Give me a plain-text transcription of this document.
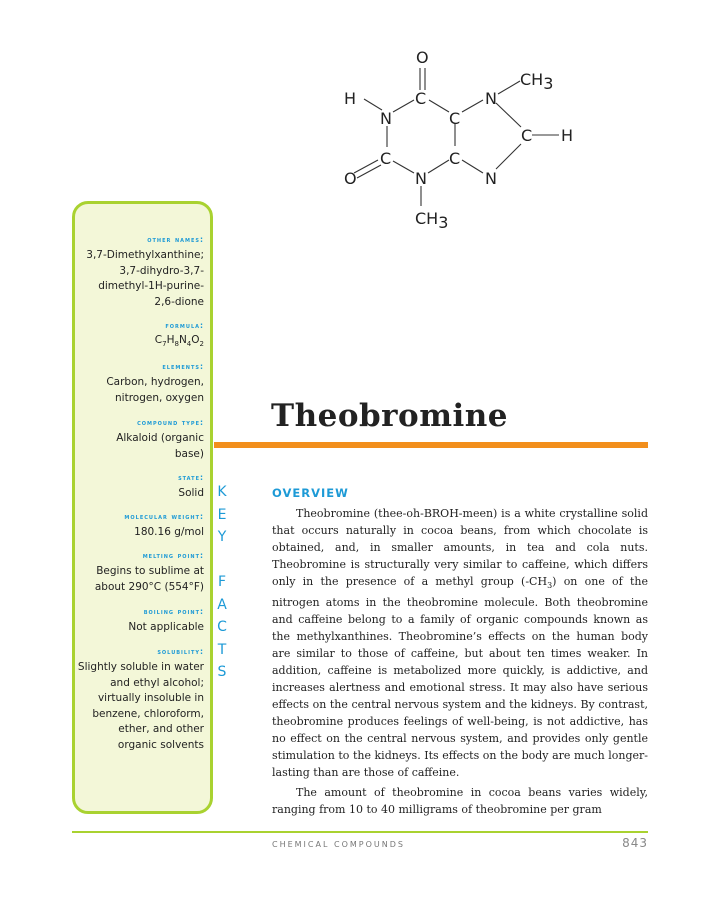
O
H	C	N
CH3
N	C
C H
C	C
O	N	N
CH3
other names:
3,7-Dimethylxanthine; 3,7-dihydro-3,7-dimethyl-1H-purine-2,6-dione
formula:
$C_7H_8N_4O_2$
elements:
Carbon, hydrogen, nitrogen, oxygen
compound type:
Alkaloid (organic base)
state:
Solid
molecular weight:
180.16 g/mol
melting point:
Begins to sublime at about 290°C (554°F)
boiling point:
Not applicable
solubility:
Slightly soluble in water and ethyl alcohol; virtually insoluble in benzene, chloroform, ether, and other organic solvents
K
E
Y

F
A
C
T
S
Theobromine
OVERVIEW

Theobromine (thee-oh-BROH-meen) is a white crystalline solid that occurs naturally in cocoa beans, from which chocolate is obtained, and, in smaller amounts, in tea and cola nuts. Theobromine is structurally very similar to caffeine, which differs only in the presence of a methyl group $(-CH_3)$ on one of the nitrogen atoms in the theobromine molecule. Both theobromine and caffeine belong to a family of organic compounds known as the methylxanthines. Theobromine’s effects on the human body are similar to those of caffeine, but about ten times weaker. In addition, caffeine is metabolized more quickly, is addictive, and increases alertness and emotional stress. It may also have serious effects on the central nervous system and the kidneys. By contrast, theobromine produces feelings of well-being, is not addictive, has no effect on the central nervous system, and provides only gentle stimulation to the kidneys. Its effects on the body are much longer-lasting than are those of caffeine.

The amount of theobromine in cocoa beans varies widely, ranging from 10 to 40 milligrams of theobromine per gram

CHEMICAL COMPOUNDS	843
